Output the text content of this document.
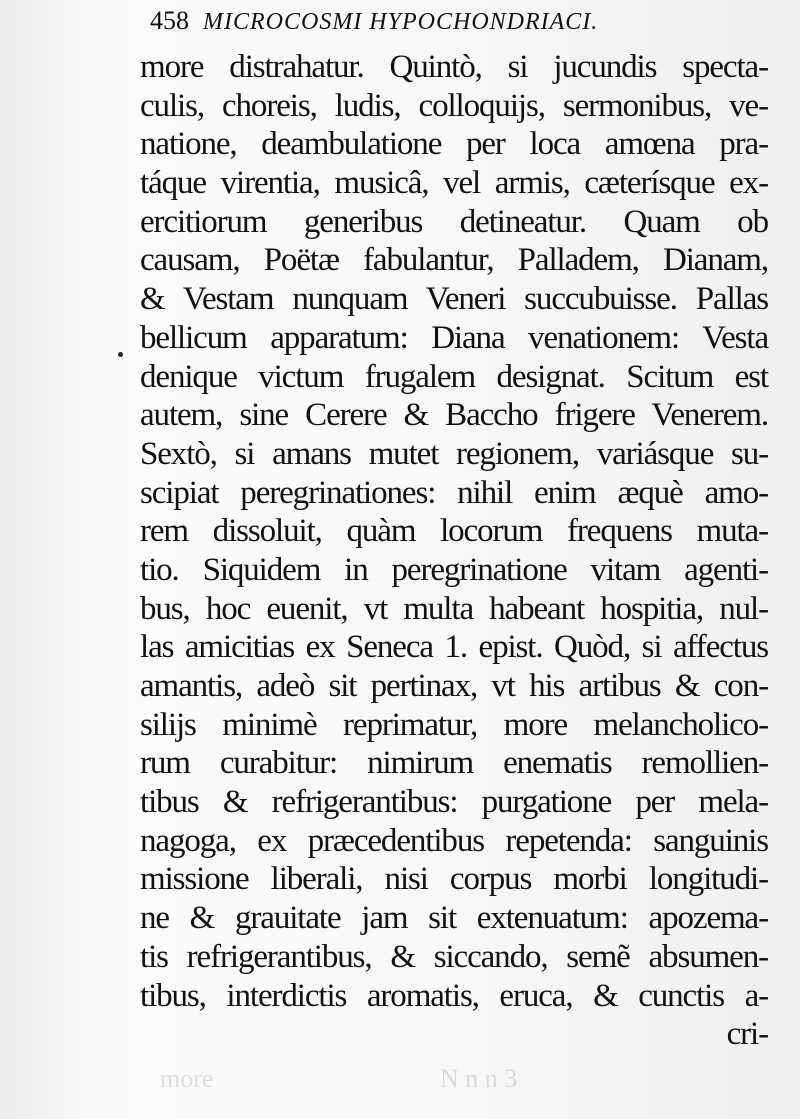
458 MICROCOSMI HYPOCHONDRIACI.
more distrahatur. Quintò, si jucundis specta-
culis, choreis, ludis, colloquijs, sermonibus, ve-
natione, deambulatione per loca amœna pra-
táque virentia, musicâ, vel armis, cæterísque ex-
ercitiorum generibus detineatur. Quam ob
causam, Poëtæ fabulantur, Palladem, Dianam,
& Vestam nunquam Veneri succubuisse. Pallas
bellicum apparatum: Diana venationem: Vesta
denique victum frugalem designat. Scitum est
autem, sine Cerere & Baccho frigere Venerem.
Sextò, si amans mutet regionem, variásque su-
scipiat peregrinationes: nihil enim æquè amo-
rem dissoluit, quàm locorum frequens muta-
tio. Siquidem in peregrinatione vitam agenti-
bus, hoc euenit, vt multa habeant hospitia, nul-
las amicitias ex Seneca 1. epist. Quòd, si affectus
amantis, adeò sit pertinax, vt his artibus & con-
silijs minimè reprimatur, more melancholico-
rum curabitur: nimirum enematis remollien-
tibus & refrigerantibus: purgatione per mela-
nagoga, ex præcedentibus repetenda: sanguinis
missione liberali, nisi corpus morbi longitudi-
ne & grauitate jam sit extenuatum: apozema-
tis refrigerantibus, & siccando, semẽ absumen-
tibus, interdictis aromatis, eruca, & cunctis a-
cri-
more	N n n 3
